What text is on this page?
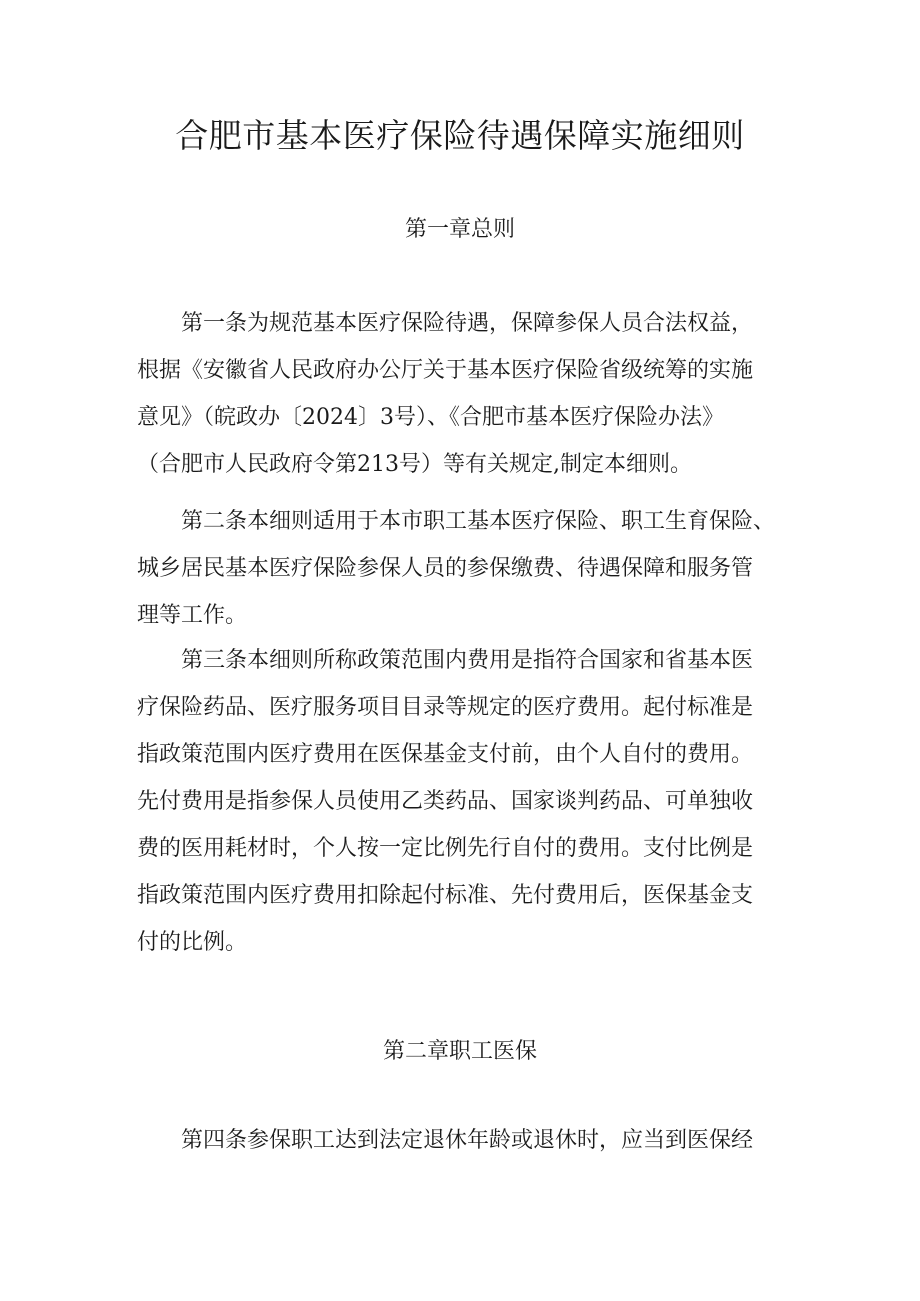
合肥市基本医疗保险待遇保障实施细则
第一章总则
第一条为规范基本医疗保险待遇，保障参保人员合法权益，
根据《安徽省人民政府办公厅关于基本医疗保险省级统筹的实施
意见》（皖政办〔2024〕3号）、《合肥市基本医疗保险办法》
（合肥市人民政府令第213号）等有关规定,制定本细则。
第二条本细则适用于本市职工基本医疗保险、职工生育保险、
城乡居民基本医疗保险参保人员的参保缴费、待遇保障和服务管
理等工作。
第三条本细则所称政策范围内费用是指符合国家和省基本医
疗保险药品、医疗服务项目目录等规定的医疗费用。起付标准是
指政策范围内医疗费用在医保基金支付前，由个人自付的费用。
先付费用是指参保人员使用乙类药品、国家谈判药品、可单独收
费的医用耗材时，个人按一定比例先行自付的费用。支付比例是
指政策范围内医疗费用扣除起付标准、先付费用后，医保基金支
付的比例。
第二章职工医保
第四条参保职工达到法定退休年龄或退休时，应当到医保经
